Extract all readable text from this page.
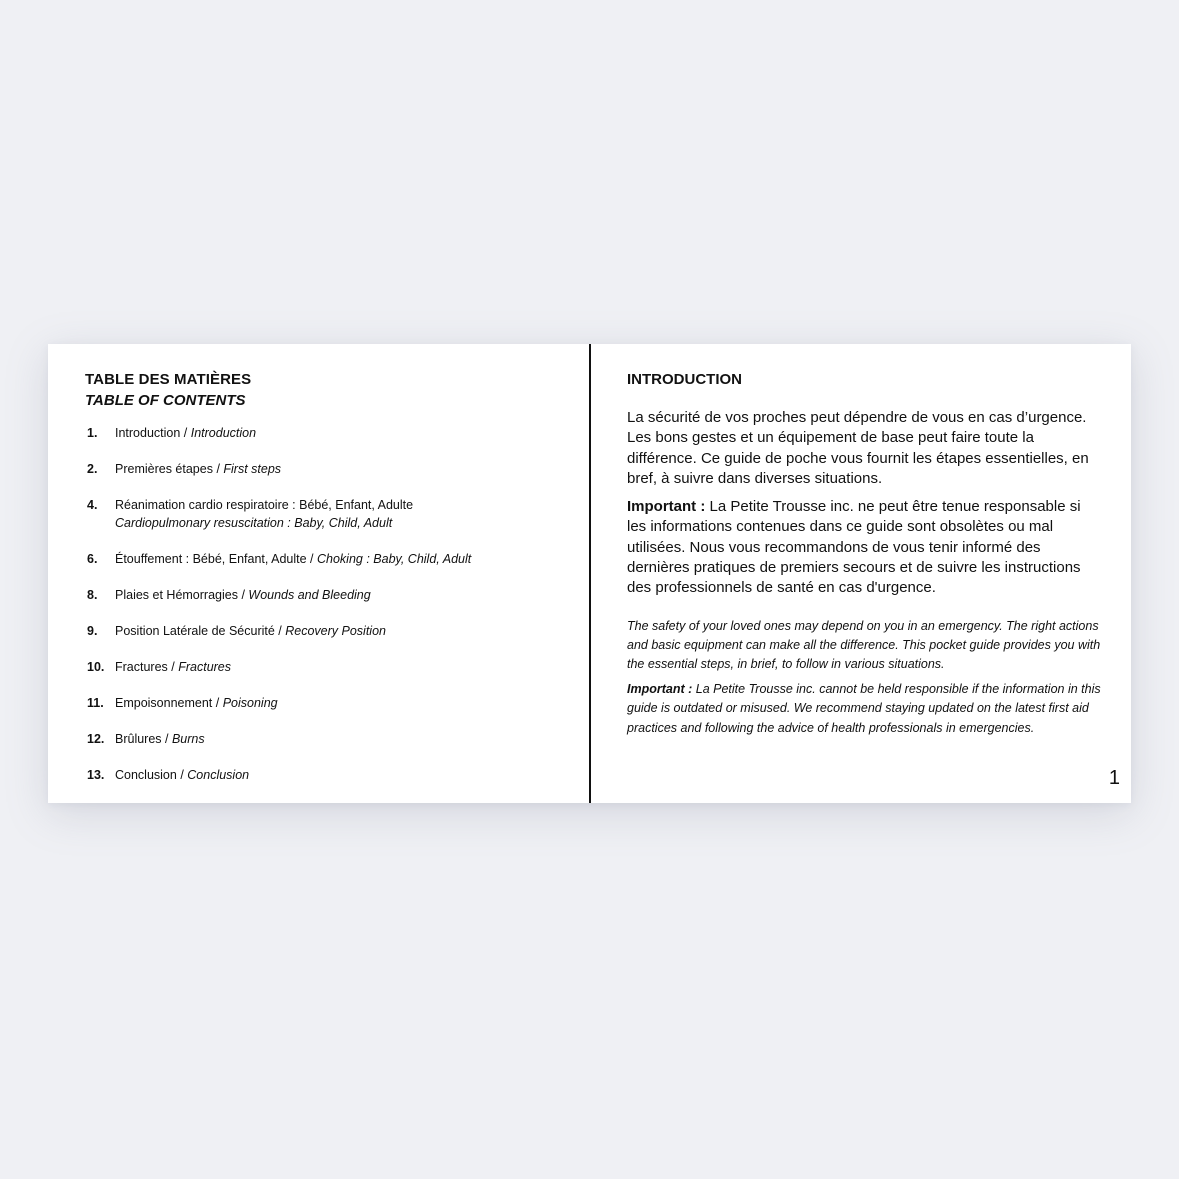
TABLE DES MATIÈRES
TABLE OF CONTENTS
1.	Introduction / Introduction
2.	Premières étapes / First steps
4.	Réanimation cardio respiratoire : Bébé, Enfant, Adulte
Cardiopulmonary resuscitation : Baby, Child, Adult
6.	Étouffement : Bébé, Enfant, Adulte / Choking : Baby, Child, Adult
8.	Plaies et Hémorragies / Wounds and Bleeding
9.	Position Latérale de Sécurité / Recovery Position
10. Fractures / Fractures
11. Empoisonnement / Poisoning
12. Brûlures / Burns
13. Conclusion / Conclusion
INTRODUCTION

La sécurité de vos proches peut dépendre de vous en cas d’urgence. Les bons gestes et un équipement de base peut faire toute la différence. Ce guide de poche vous fournit les étapes essentielles, en bref, à suivre dans diverses situations.

Important : La Petite Trousse inc. ne peut être tenue responsable si les informations contenues dans ce guide sont obsolètes ou mal utilisées. Nous vous recommandons de vous tenir informé des dernières pratiques de premiers secours et de suivre les instructions des professionnels de santé en cas d'urgence.

The safety of your loved ones may depend on you in an emergency. The right actions and basic equipment can make all the difference. This pocket guide provides you with the essential steps, in brief, to follow in various situations.

Important : La Petite Trousse inc. cannot be held responsible if the information in this guide is outdated or misused. We recommend staying updated on the latest first aid practices and following the advice of health professionals in emergencies.

1
